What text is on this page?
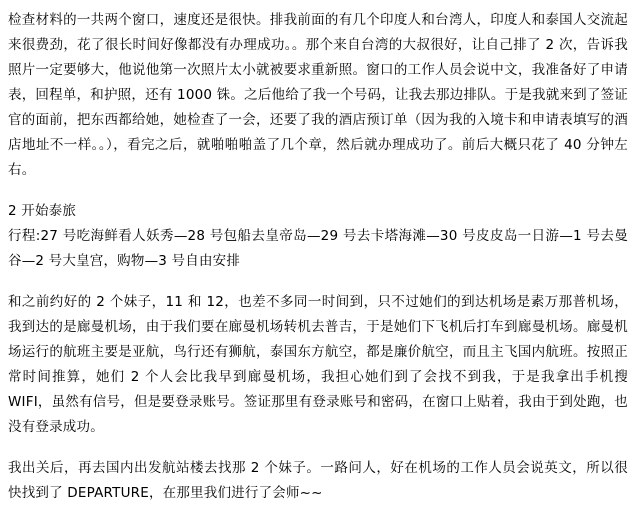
检查材料的一共两个窗口，速度还是很快。排我前面的有几个印度人和台湾人，印度人和泰国人交流起来很费劲，花了很长时间好像都没有办理成功。。那个来自台湾的大叔很好，让自己排了 2 次，告诉我照片一定要够大，他说他第一次照片太小就被要求重新照。窗口的工作人员会说中文，我准备好了申请表，回程单，和护照，还有 1000 铢。之后他给了我一个号码，让我去那边排队。于是我就来到了签证官的面前，把东西都给她，她检查了一会，还要了我的酒店预订单（因为我的入境卡和申请表填写的酒店地址不一样。。），看完之后，就啪啪啪盖了几个章，然后就办理成功了。前后大概只花了 40 分钟左右。

2 开始泰旅

行程:27 号吃海鲜看人妖秀—28 号包船去皇帝岛—29 号去卡塔海滩—30 号皮皮岛一日游—1 号去曼谷—2 号大皇宫，购物—3 号自由安排

和之前约好的 2 个妹子，11 和 12，也差不多同一时间到，只不过她们的到达机场是素万那普机场，我到达的是廊曼机场，由于我们要在廊曼机场转机去普吉，于是她们下飞机后打车到廊曼机场。廊曼机场运行的航班主要是亚航，鸟行还有狮航，泰国东方航空，都是廉价航空，而且主飞国内航班。按照正常时间推算，她们 2 个人会比我早到廊曼机场，我担心她们到了会找不到我，于是我拿出手机搜 WIFI，虽然有信号，但是要登录账号。签证那里有登录账号和密码，在窗口上贴着，我由于到处跑，也没有登录成功。

我出关后，再去国内出发航站楼去找那 2 个妹子。一路问人，好在机场的工作人员会说英文，所以很快找到了 DEPARTURE，在那里我们进行了会师~~
